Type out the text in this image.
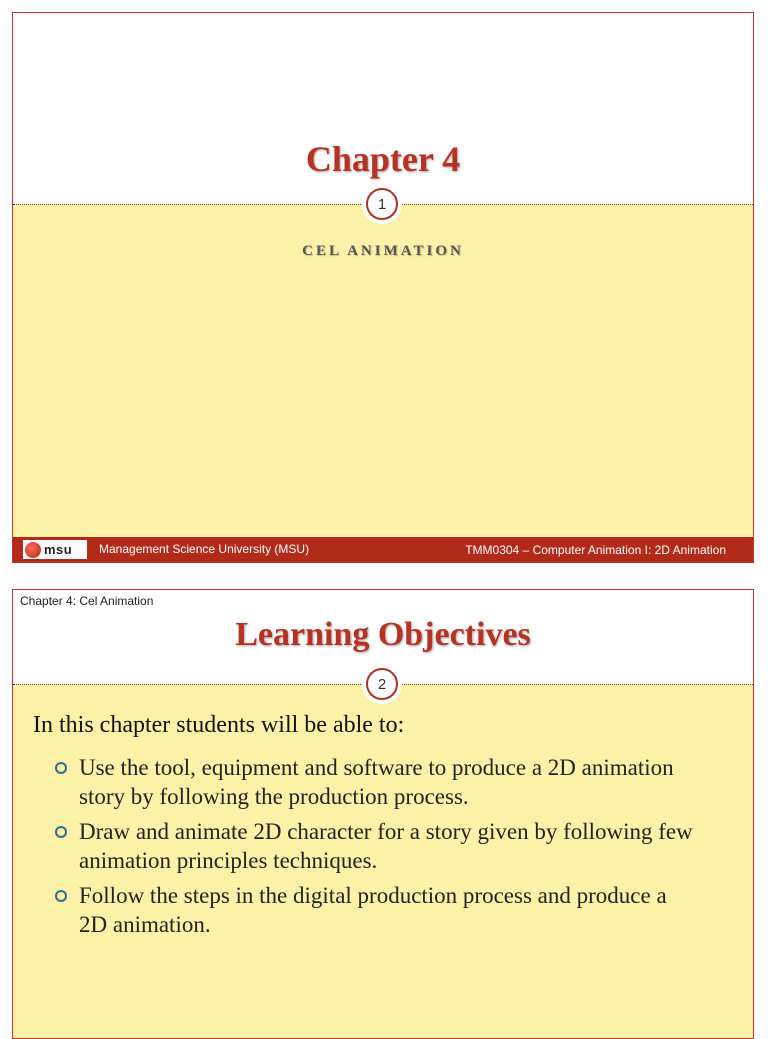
Chapter 4
1
CEL ANIMATION
msu Management Science University (MSU)	TMM0304 – Computer Animation I: 2D Animation
Chapter 4: Cel Animation
Learning Objectives
2
In this chapter students will be able to:
Use the tool, equipment and software to produce a 2D animation story by following the production process.
Draw and animate 2D character for a story given by following few animation principles techniques.
Follow the steps in the digital production process and produce a 2D animation.
